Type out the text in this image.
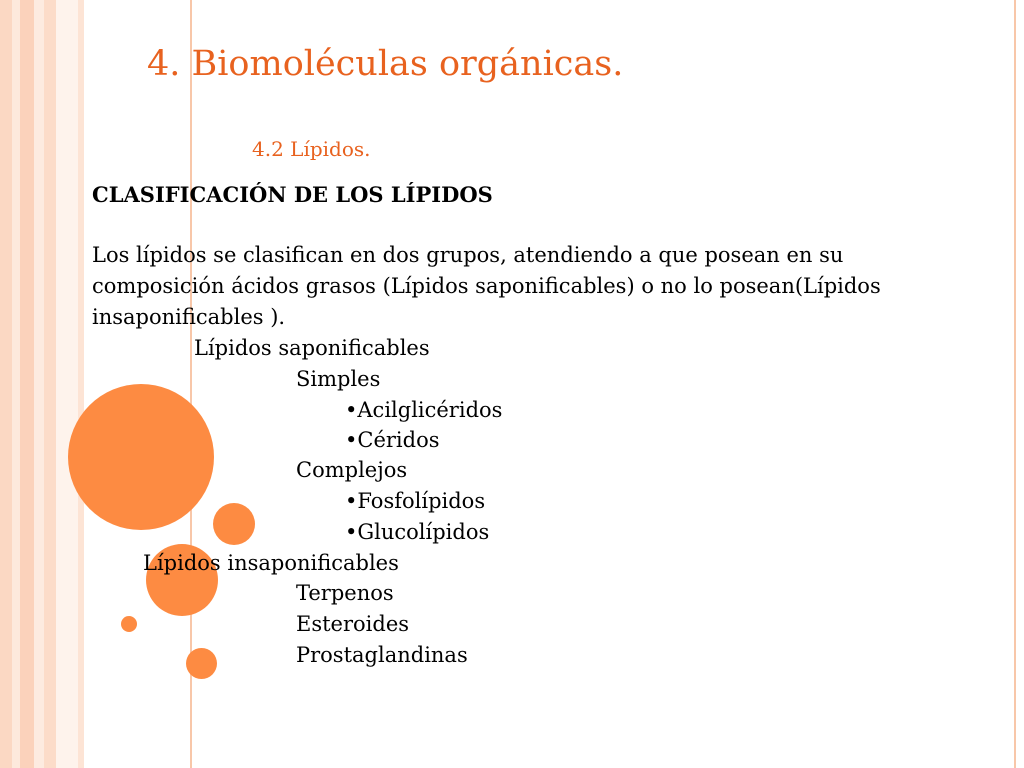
4. Biomoléculas orgánicas.
4.2 Lípidos.
CLASIFICACIÓN DE LOS LÍPIDOS
Los lípidos se clasifican en dos grupos, atendiendo a que posean en su composición ácidos grasos (Lípidos saponificables) o no lo posean(Lípidos insaponificables ).
Lípidos saponificables
Simples
•Acilglicéridos
•Céridos
Complejos
•Fosfolípidos
•Glucolípidos
Lípidos insaponificables
Terpenos
Esteroides
Prostaglandinas
